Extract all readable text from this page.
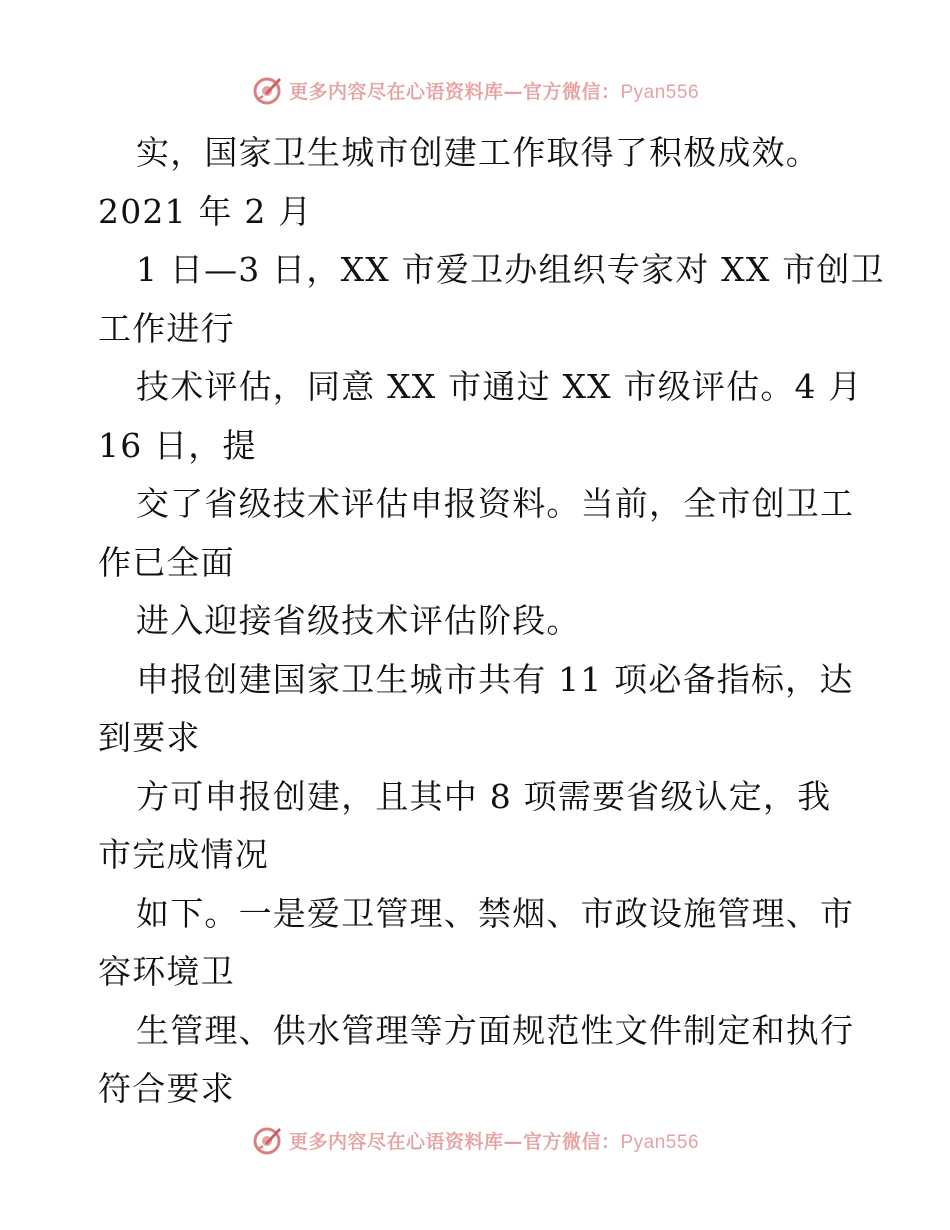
更多内容尽在心语资料库—官方微信：Pyan556
实，国家卫生城市创建工作取得了积极成效。
2021 年 2 月
1 日—3 日，XX 市爱卫办组织专家对 XX 市创卫
工作进行
技术评估，同意 XX 市通过 XX 市级评估。4 月
16 日，提
交了省级技术评估申报资料。当前，全市创卫工
作已全面
进入迎接省级技术评估阶段。
申报创建国家卫生城市共有 11 项必备指标，达
到要求
方可申报创建，且其中 8 项需要省级认定，我
市完成情况
如下。一是爱卫管理、禁烟、市政设施管理、市
容环境卫
生管理、供水管理等方面规范性文件制定和执行
符合要求
更多内容尽在心语资料库—官方微信：Pyan556
